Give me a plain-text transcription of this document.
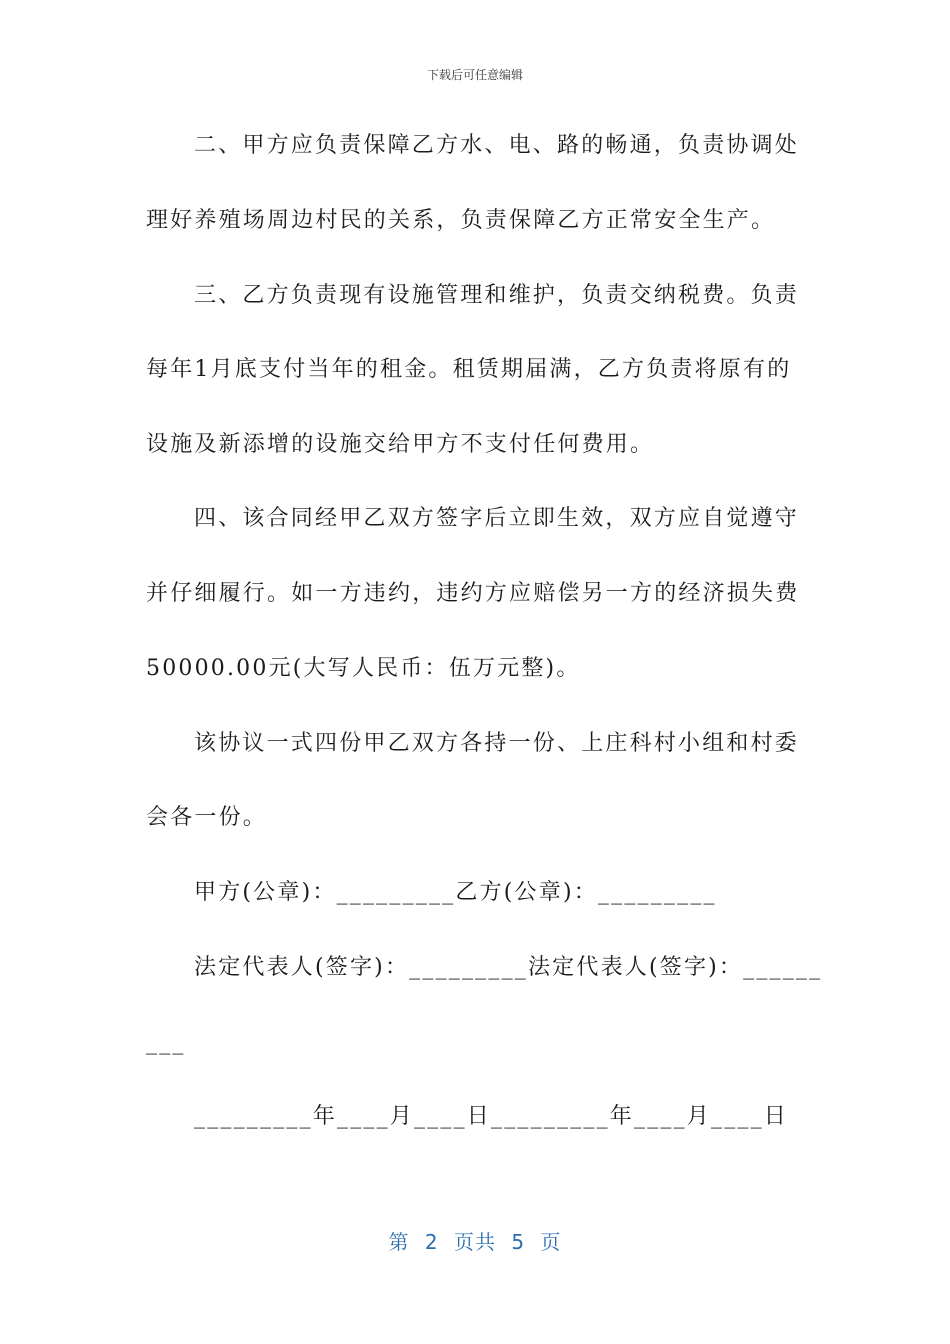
下载后可任意编辑
二、甲方应负责保障乙方水、电、路的畅通，负责协调处
理好养殖场周边村民的关系，负责保障乙方正常安全生产。
三、乙方负责现有设施管理和维护，负责交纳税费。负责
每年1月底支付当年的租金。租赁期届满，乙方负责将原有的
设施及新添增的设施交给甲方不支付任何费用。
四、该合同经甲乙双方签字后立即生效，双方应自觉遵守
并仔细履行。如一方违约，违约方应赔偿另一方的经济损失费
50000.00元(大写人民币：伍万元整)。
该协议一式四份甲乙双方各持一份、上庄科村小组和村委
会各一份。
甲方(公章)：_________乙方(公章)：_________
法定代表人(签字)：_________法定代表人(签字)：______
___
_________年____月____日_________年____月____日
第 2 页共 5 页
